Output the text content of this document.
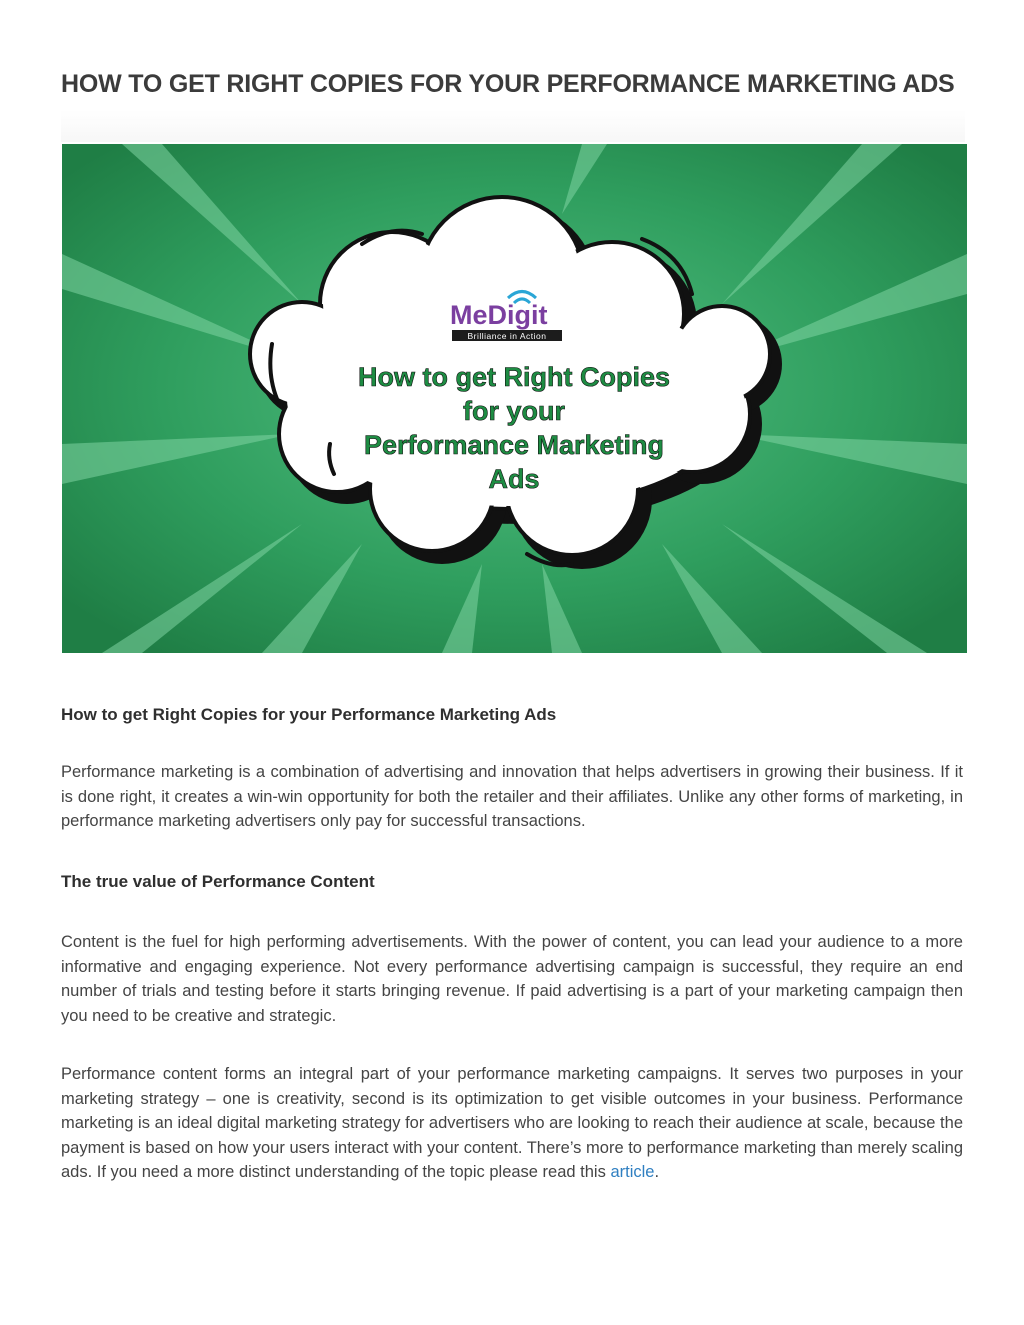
HOW TO GET RIGHT COPIES FOR YOUR PERFORMANCE MARKETING ADS
MeDigit
Brilliance in Action
How to get Right Copies
for your
Performance Marketing
Ads
How to get Right Copies for your Performance Marketing Ads

Performance marketing is a combination of advertising and innovation that helps advertisers in growing their business. If it is done right, it creates a win-win opportunity for both the retailer and their affiliates. Unlike any other forms of marketing, in performance marketing advertisers only pay for successful transactions.

The true value of Performance Content

Content is the fuel for high performing advertisements. With the power of content, you can lead your audience to a more informative and engaging experience. Not every performance advertising campaign is successful, they require an end number of trials and testing before it starts bringing revenue. If paid advertising is a part of your marketing campaign then you need to be creative and strategic.

Performance content forms an integral part of your performance marketing campaigns. It serves two purposes in your marketing strategy – one is creativity, second is its optimization to get visible outcomes in your business. Performance marketing is an ideal digital marketing strategy for advertisers who are looking to reach their audience at scale, because the payment is based on how your users interact with your content. There’s more to performance marketing than merely scaling ads. If you need a more distinct understanding of the topic please read this article.
